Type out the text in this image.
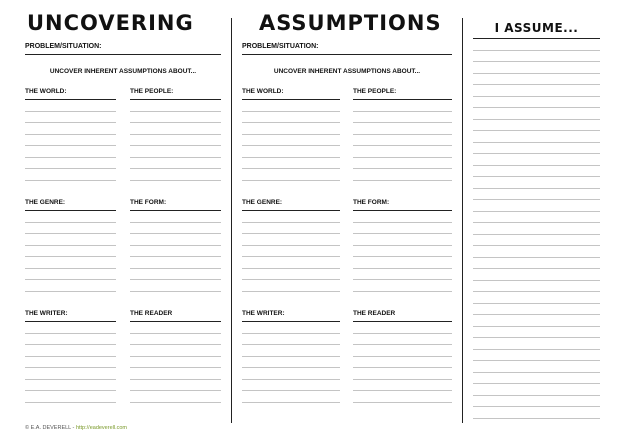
UNCOVERING	ASSUMPTIONS
PROBLEM/SITUATION:
UNCOVER INHERENT ASSUMPTIONS ABOUT...
THE WORLD:	THE PEOPLE:
THE GENRE:	THE FORM:
THE WRITER:	THE READER
PROBLEM/SITUATION:
UNCOVER INHERENT ASSUMPTIONS ABOUT...
THE WORLD:	THE PEOPLE:
THE GENRE:	THE FORM:
THE WRITER:	THE READER
I ASSUME...
© E.A. DEVERELL - http://eadeverell.com
